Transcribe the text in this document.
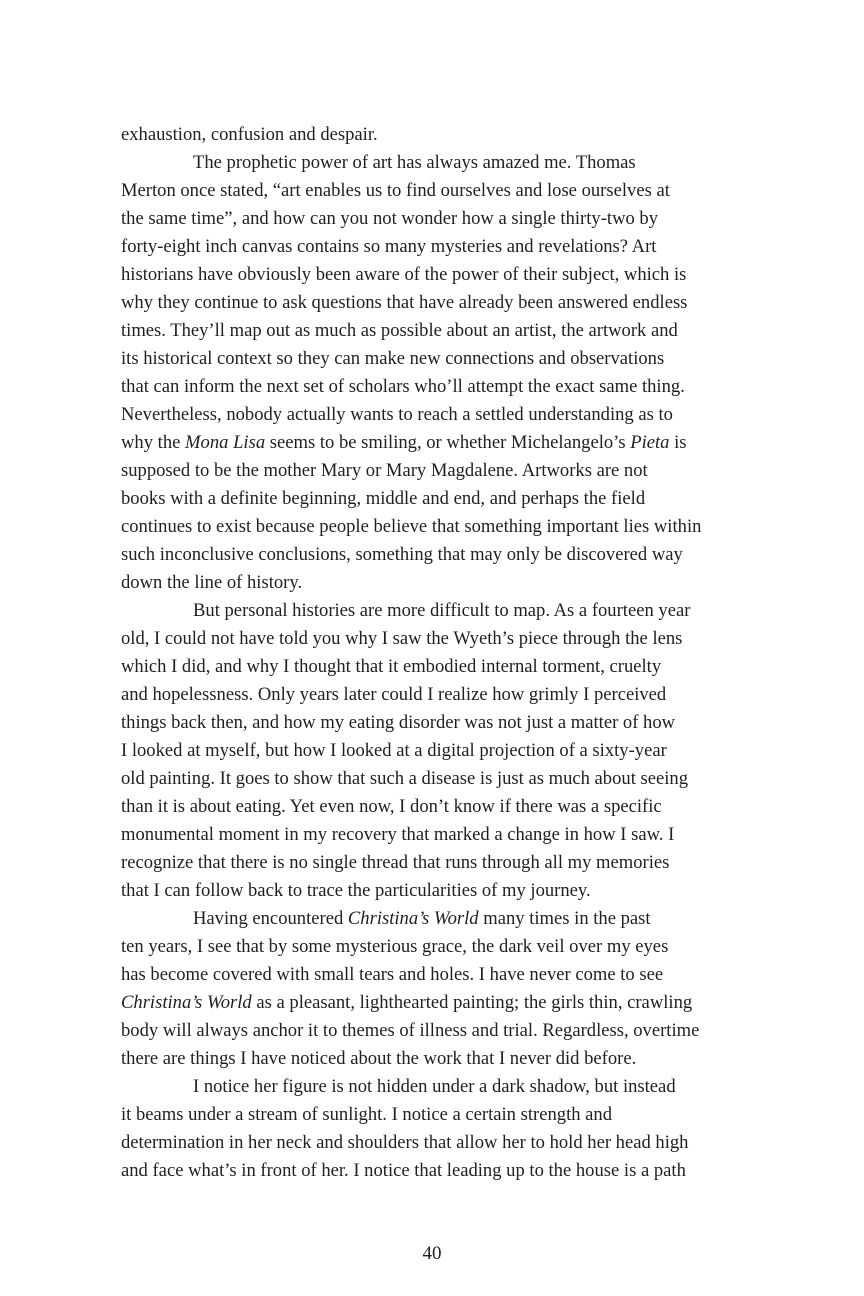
exhaustion, confusion and despair.
The prophetic power of art has always amazed me. Thomas
Merton once stated, “art enables us to find ourselves and lose ourselves at
the same time”, and how can you not wonder how a single thirty-two by
forty-eight inch canvas contains so many mysteries and revelations? Art
historians have obviously been aware of the power of their subject, which is
why they continue to ask questions that have already been answered endless
times. They’ll map out as much as possible about an artist, the artwork and
its historical context so they can make new connections and observations
that can inform the next set of scholars who’ll attempt the exact same thing.
Nevertheless, nobody actually wants to reach a settled understanding as to
why the Mona Lisa seems to be smiling, or whether Michelangelo’s Pieta is
supposed to be the mother Mary or Mary Magdalene. Artworks are not
books with a definite beginning, middle and end, and perhaps the field
continues to exist because people believe that something important lies within
such inconclusive conclusions, something that may only be discovered way
down the line of history.
But personal histories are more difficult to map. As a fourteen year
old, I could not have told you why I saw the Wyeth’s piece through the lens
which I did, and why I thought that it embodied internal torment, cruelty
and hopelessness. Only years later could I realize how grimly I perceived
things back then, and how my eating disorder was not just a matter of how
I looked at myself, but how I looked at a digital projection of a sixty-year
old painting. It goes to show that such a disease is just as much about seeing
than it is about eating. Yet even now, I don’t know if there was a specific
monumental moment in my recovery that marked a change in how I saw. I
recognize that there is no single thread that runs through all my memories
that I can follow back to trace the particularities of my journey.
Having encountered Christina’s World many times in the past
ten years, I see that by some mysterious grace, the dark veil over my eyes
has become covered with small tears and holes. I have never come to see
Christina’s World as a pleasant, lighthearted painting; the girls thin, crawling
body will always anchor it to themes of illness and trial. Regardless, overtime
there are things I have noticed about the work that I never did before.
I notice her figure is not hidden under a dark shadow, but instead
it beams under a stream of sunlight. I notice a certain strength and
determination in her neck and shoulders that allow her to hold her head high
and face what’s in front of her. I notice that leading up to the house is a path
40
